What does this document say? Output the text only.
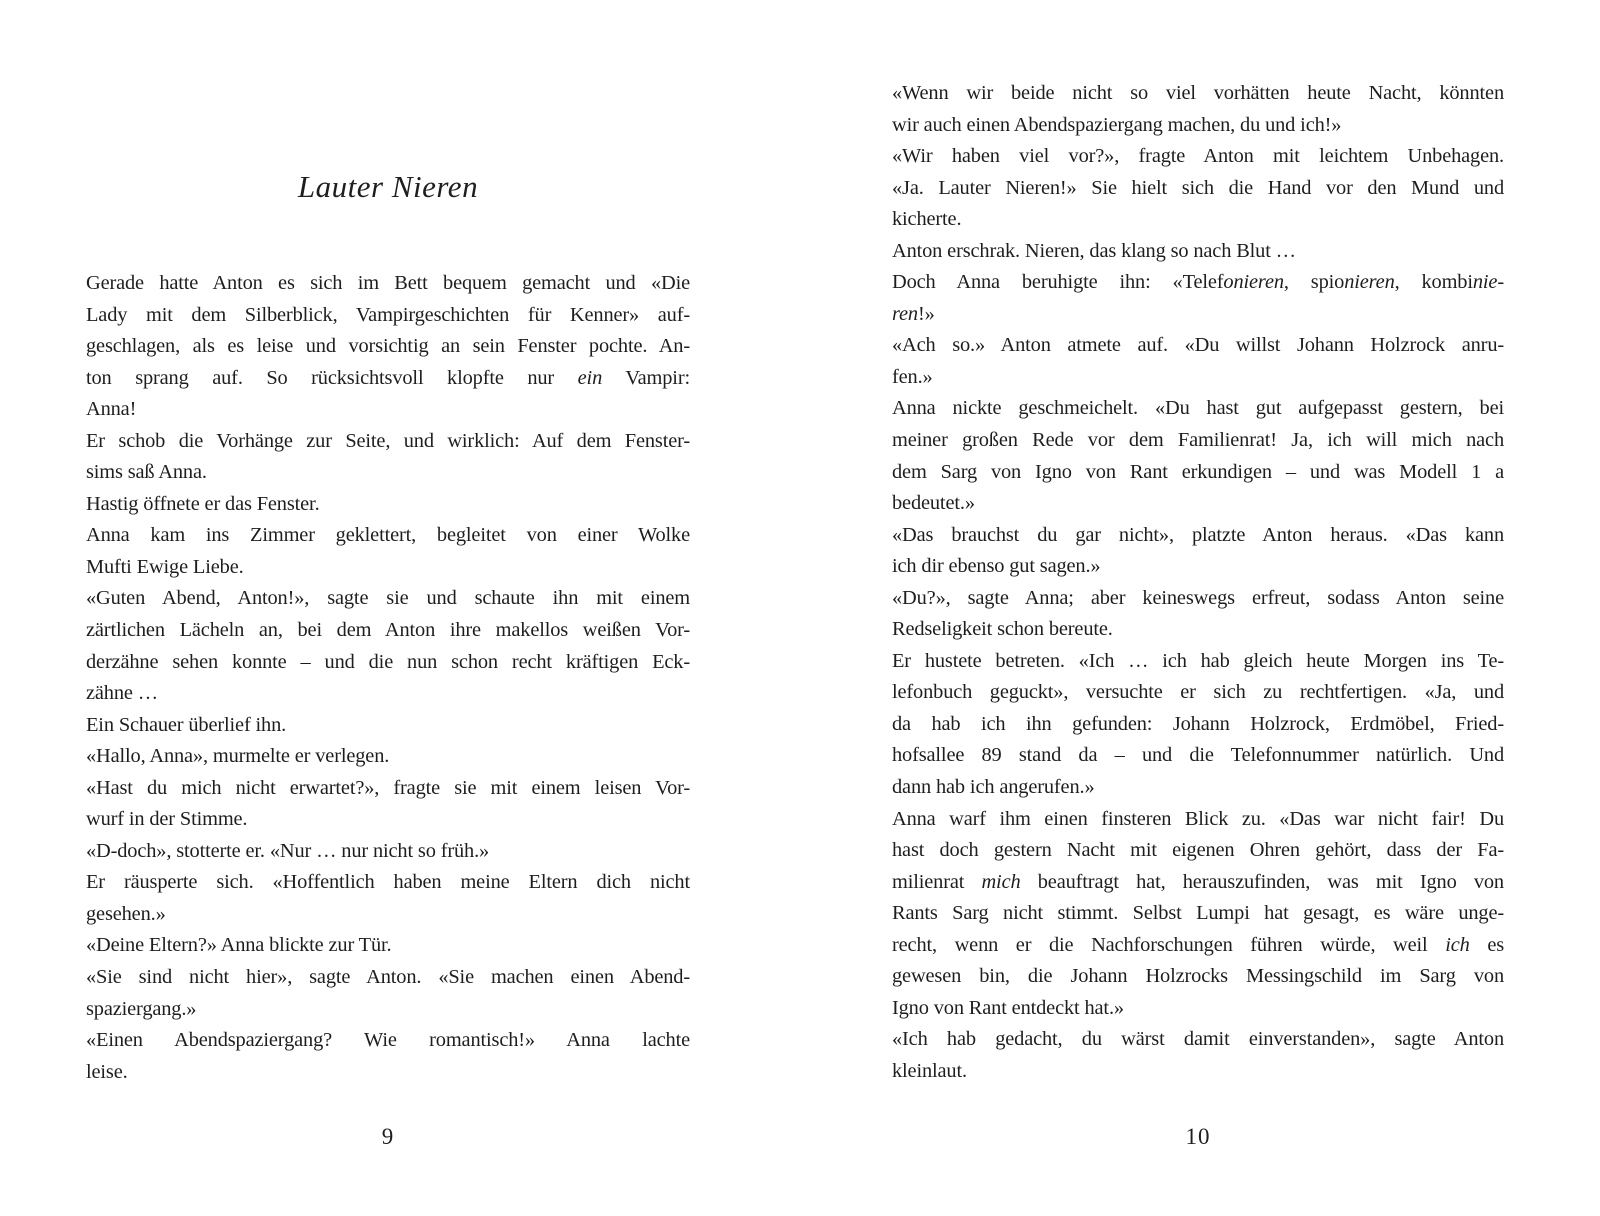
Lauter Nieren
Gerade hatte Anton es sich im Bett bequem gemacht und «Die
Lady mit dem Silberblick, Vampirgeschichten für Kenner» auf-
geschlagen, als es leise und vorsichtig an sein Fenster pochte. An-
ton sprang auf. So rücksichtsvoll klopfte nur ein Vampir:
Anna!
Er schob die Vorhänge zur Seite, und wirklich: Auf dem Fenster-
sims saß Anna.
Hastig öffnete er das Fenster.
Anna kam ins Zimmer geklettert, begleitet von einer Wolke
Mufti Ewige Liebe.
«Guten Abend, Anton!», sagte sie und schaute ihn mit einem
zärtlichen Lächeln an, bei dem Anton ihre makellos weißen Vor-
derzähne sehen konnte – und die nun schon recht kräftigen Eck-
zähne …
Ein Schauer überlief ihn.
«Hallo, Anna», murmelte er verlegen.
«Hast du mich nicht erwartet?», fragte sie mit einem leisen Vor-
wurf in der Stimme.
«D-doch», stotterte er. «Nur … nur nicht so früh.»
Er räusperte sich. «Hoffentlich haben meine Eltern dich nicht
gesehen.»
«Deine Eltern?» Anna blickte zur Tür.
«Sie sind nicht hier», sagte Anton. «Sie machen einen Abend-
spaziergang.»
«Einen Abendspaziergang? Wie romantisch!» Anna lachte
leise.
9
«Wenn wir beide nicht so viel vorhätten heute Nacht, könnten
wir auch einen Abendspaziergang machen, du und ich!»
«Wir haben viel vor?», fragte Anton mit leichtem Unbehagen.
«Ja. Lauter Nieren!» Sie hielt sich die Hand vor den Mund und
kicherte.
Anton erschrak. Nieren, das klang so nach Blut …
Doch Anna beruhigte ihn: «Telefonieren, spionieren, kombinie-
ren!»
«Ach so.» Anton atmete auf. «Du willst Johann Holzrock anru-
fen.»
Anna nickte geschmeichelt. «Du hast gut aufgepasst gestern, bei
meiner großen Rede vor dem Familienrat! Ja, ich will mich nach
dem Sarg von Igno von Rant erkundigen – und was Modell 1 a
bedeutet.»
«Das brauchst du gar nicht», platzte Anton heraus. «Das kann
ich dir ebenso gut sagen.»
«Du?», sagte Anna; aber keineswegs erfreut, sodass Anton seine
Redseligkeit schon bereute.
Er hustete betreten. «Ich … ich hab gleich heute Morgen ins Te-
lefonbuch geguckt», versuchte er sich zu rechtfertigen. «Ja, und
da hab ich ihn gefunden: Johann Holzrock, Erdmöbel, Fried-
hofsallee 89 stand da – und die Telefonnummer natürlich. Und
dann hab ich angerufen.»
Anna warf ihm einen finsteren Blick zu. «Das war nicht fair! Du
hast doch gestern Nacht mit eigenen Ohren gehört, dass der Fa-
milienrat mich beauftragt hat, herauszufinden, was mit Igno von
Rants Sarg nicht stimmt. Selbst Lumpi hat gesagt, es wäre unge-
recht, wenn er die Nachforschungen führen würde, weil ich es
gewesen bin, die Johann Holzrocks Messingschild im Sarg von
Igno von Rant entdeckt hat.»
«Ich hab gedacht, du wärst damit einverstanden», sagte Anton
kleinlaut.
10
